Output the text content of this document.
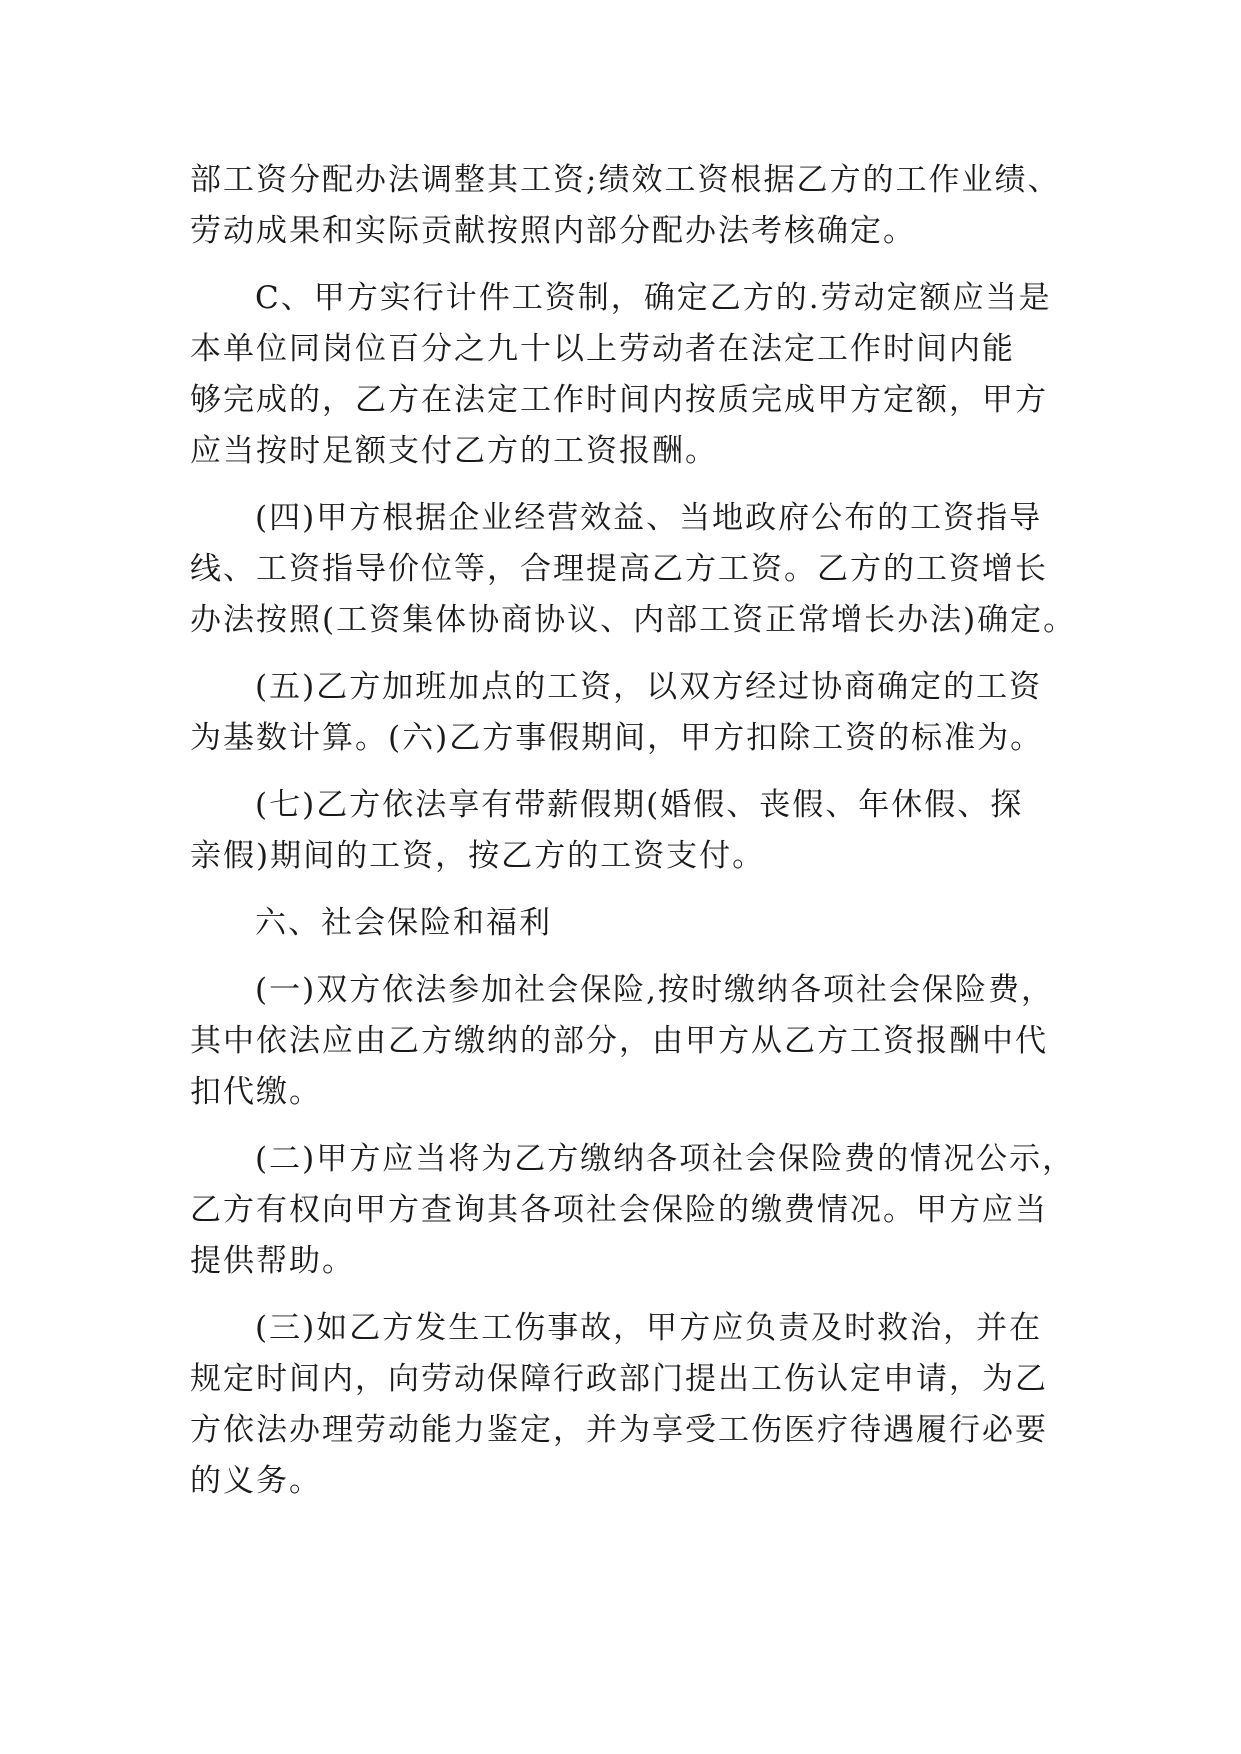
部工资分配办法调整其工资;绩效工资根据乙方的工作业绩、
劳动成果和实际贡献按照内部分配办法考核确定。
C、甲方实行计件工资制，确定乙方的.劳动定额应当是
本单位同岗位百分之九十以上劳动者在法定工作时间内能
够完成的，乙方在法定工作时间内按质完成甲方定额，甲方
应当按时足额支付乙方的工资报酬。
(四)甲方根据企业经营效益、当地政府公布的工资指导
线、工资指导价位等，合理提高乙方工资。乙方的工资增长
办法按照(工资集体协商协议、内部工资正常增长办法)确定。
(五)乙方加班加点的工资，以双方经过协商确定的工资
为基数计算。(六)乙方事假期间，甲方扣除工资的标准为。
(七)乙方依法享有带薪假期(婚假、丧假、年休假、探
亲假)期间的工资，按乙方的工资支付。
六、社会保险和福利
(一)双方依法参加社会保险,按时缴纳各项社会保险费，
其中依法应由乙方缴纳的部分，由甲方从乙方工资报酬中代
扣代缴。
(二)甲方应当将为乙方缴纳各项社会保险费的情况公示，
乙方有权向甲方查询其各项社会保险的缴费情况。甲方应当
提供帮助。
(三)如乙方发生工伤事故，甲方应负责及时救治，并在
规定时间内，向劳动保障行政部门提出工伤认定申请，为乙
方依法办理劳动能力鉴定，并为享受工伤医疗待遇履行必要
的义务。
